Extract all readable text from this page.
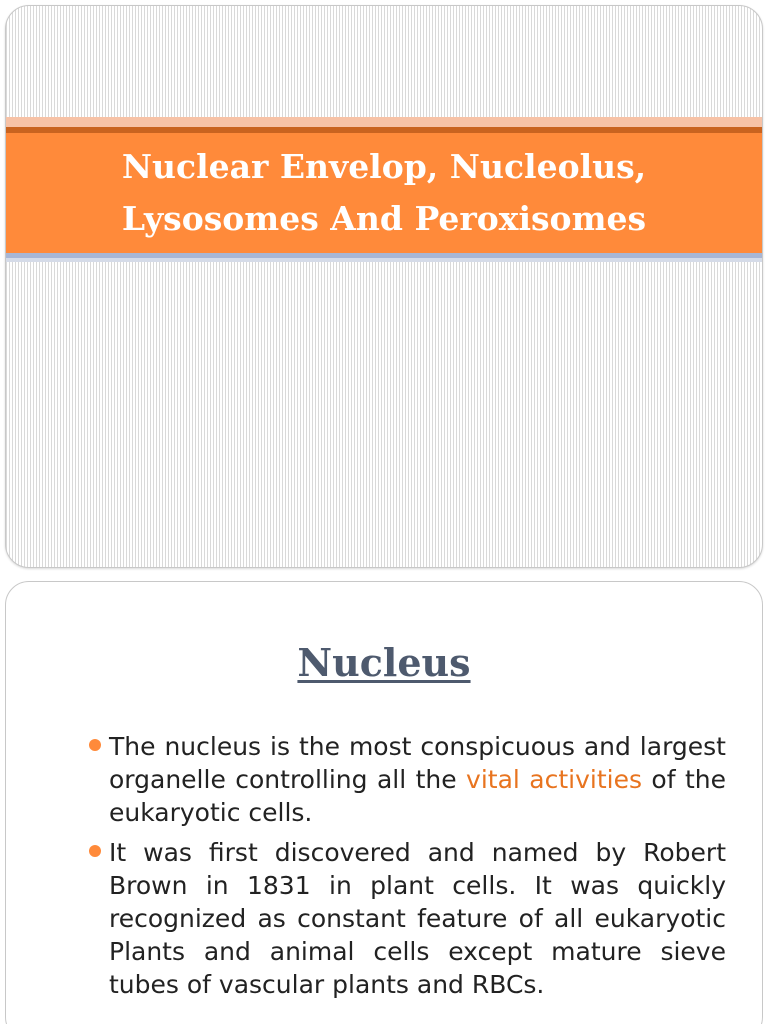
Nuclear Envelop, Nucleolus,
Lysosomes And Peroxisomes
Nucleus
The nucleus is the most conspicuous and largest organelle controlling all the vital activities of the eukaryotic cells.
It was first discovered and named by Robert Brown in 1831 in plant cells. It was quickly recognized as constant feature of all eukaryotic Plants and animal cells except mature sieve tubes of vascular plants and RBCs.
